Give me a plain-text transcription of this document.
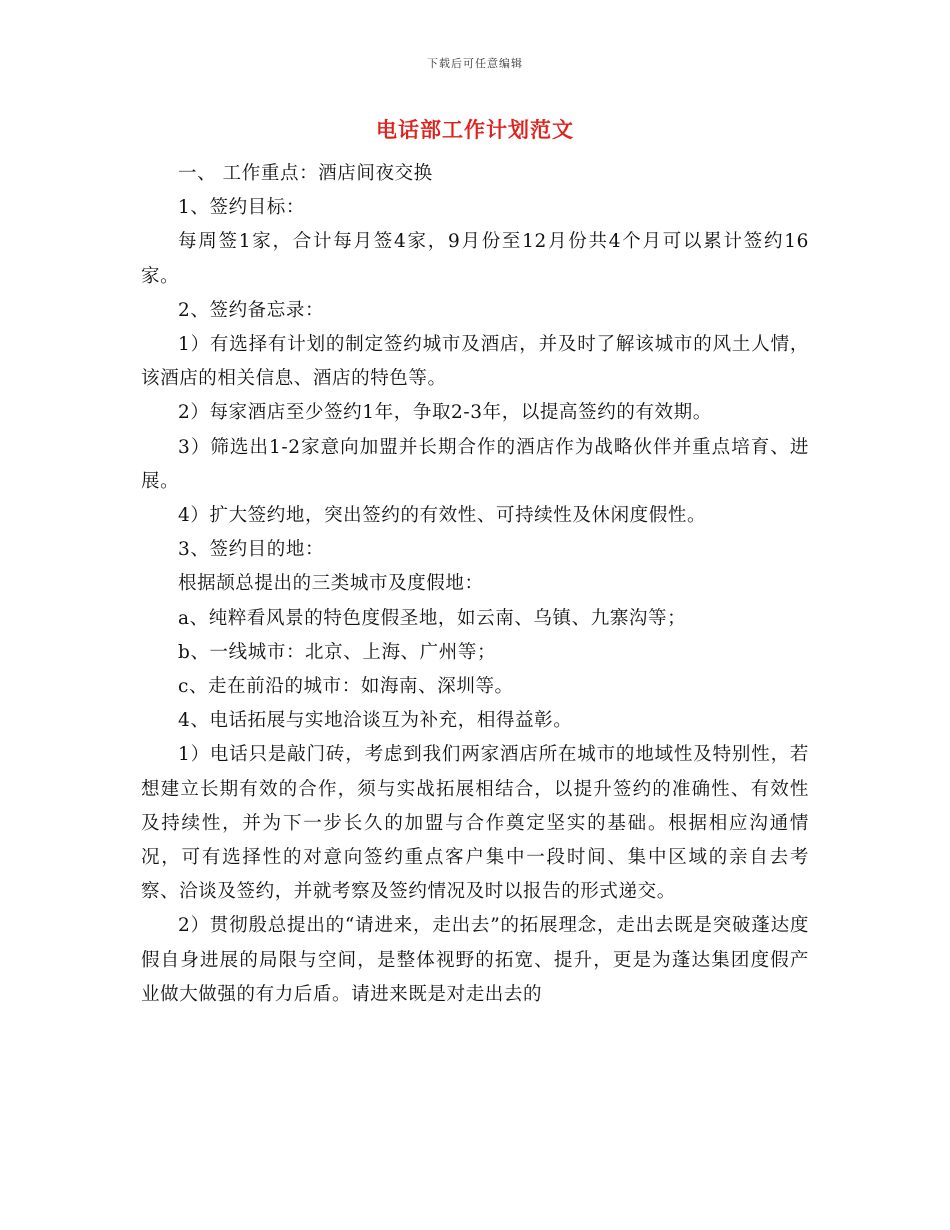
下载后可任意编辑
电话部工作计划范文

一、 工作重点：酒店间夜交换

1、签约目标：

每周签1家，合计每月签4家，9月份至12月份共4个月可以累计签约16家。

2、签约备忘录：

1）有选择有计划的制定签约城市及酒店，并及时了解该城市的风土人情，该酒店的相关信息、酒店的特色等。

2）每家酒店至少签约1年，争取2-3年，以提高签约的有效期。

3）筛选出1-2家意向加盟并长期合作的酒店作为战略伙伴并重点培育、进展。

4）扩大签约地，突出签约的有效性、可持续性及休闲度假性。

3、签约目的地：

根据颉总提出的三类城市及度假地：

a、纯粹看风景的特色度假圣地，如云南、乌镇、九寨沟等；

b、一线城市：北京、上海、广州等；

c、走在前沿的城市：如海南、深圳等。

4、电话拓展与实地洽谈互为补充，相得益彰。

1）电话只是敲门砖，考虑到我们两家酒店所在城市的地域性及特别性，若想建立长期有效的合作，须与实战拓展相结合，以提升签约的准确性、有效性及持续性，并为下一步长久的加盟与合作奠定坚实的基础。根据相应沟通情况，可有选择性的对意向签约重点客户集中一段时间、集中区域的亲自去考察、洽谈及签约，并就考察及签约情况及时以报告的形式递交。

2）贯彻殷总提出的“请进来，走出去”的拓展理念，走出去既是突破蓬达度假自身进展的局限与空间，是整体视野的拓宽、提升，更是为蓬达集团度假产业做大做强的有力后盾。请进来既是对走出去的
